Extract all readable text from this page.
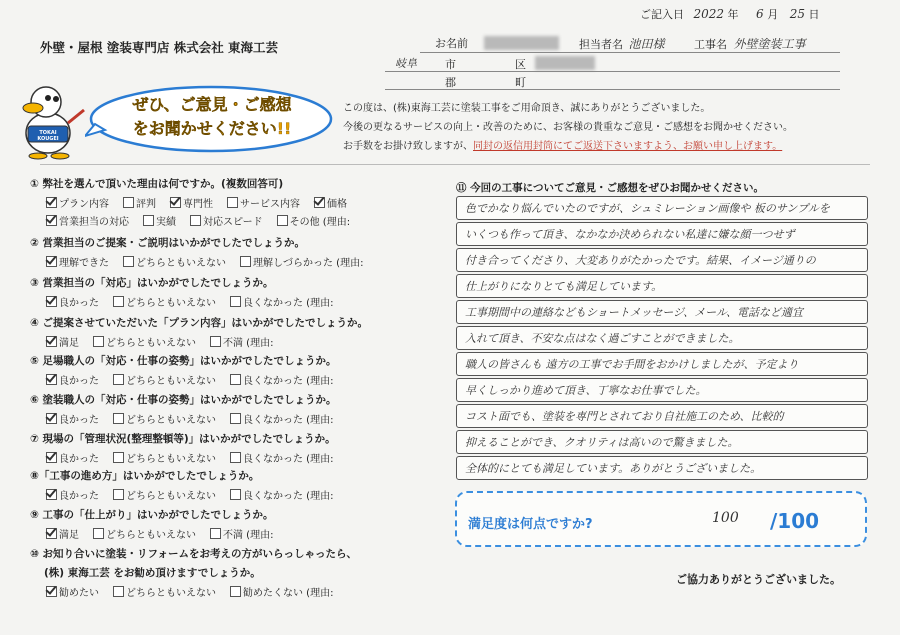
ご記入日 2022 年 6 月 25 日
外壁・屋根 塗装専門店 株式会社 東海工芸	お名前	担当者名 池田様	工事名 外壁塗装工事
岐阜	市	区
郡	町
TOKAI KOUGEI
ぜひ、ご意見・ご感想
をお聞かせください!!
この度は、(株)東海工芸に塗装工事をご用命頂き、誠にありがとうございました。
今後の更なるサービスの向上・改善のために、お客様の貴重なご意見・ご感想をお聞かせください。
お手数をお掛け致しますが、同封の返信用封筒にてご返送下さいますよう、お願い申し上げます。
① 弊社を選んで頂いた理由は何ですか。(複数回答可)
プラン内容	評判	専門性	サービス内容	価格
営業担当の対応	実績	対応スピード	その他 (理由:
② 営業担当のご提案・ご説明はいかがでしたでしょうか。
理解できた	どちらともいえない	理解しづらかった (理由:
③ 営業担当の「対応」はいかがでしたでしょうか。
良かった	どちらともいえない	良くなかった (理由:
④ ご提案させていただいた「プラン内容」はいかがでしたでしょうか。
満足	どちらともいえない	不満 (理由:
⑤ 足場職人の「対応・仕事の姿勢」はいかがでしたでしょうか。
良かった	どちらともいえない	良くなかった (理由:
⑥ 塗装職人の「対応・仕事の姿勢」はいかがでしたでしょうか。
良かった	どちらともいえない	良くなかった (理由:
⑦ 現場の「管理状況(整理整頓等)」はいかがでしたでしょうか。
良かった	どちらともいえない	良くなかった (理由:
⑧「工事の進め方」はいかがでしたでしょうか。
良かった	どちらともいえない	良くなかった (理由:
⑨ 工事の「仕上がり」はいかがでしたでしょうか。
満足	どちらともいえない	不満 (理由:
⑩ お知り合いに塗装・リフォームをお考えの方がいらっしゃったら、
(株) 東海工芸 をお勧め頂けますでしょうか。
勧めたい	どちらともいえない	勧めたくない (理由:
⑪ 今回の工事についてご意見・ご感想をぜひお聞かせください。
色でかなり悩んでいたのですが、シュミレーション画像や 板のサンプルを
いくつも作って頂き、なかなか決められない私達に嫌な顔一つせず
付き合ってくださり、大変ありがたかったです。結果、イメージ通りの
仕上がりになりとても満足しています。
工事期間中の連絡などもショートメッセージ、メール、電話など適宜
入れて頂き、不安な点はなく過ごすことができました。
職人の皆さんも 遠方の工事でお手間をおかけしましたが、予定より
早くしっかり進めて頂き、丁寧なお仕事でした。
コスト面でも、塗装を専門とされており自社施工のため、比較的
抑えることができ、クオリティは高いので驚きました。
全体的にとても満足しています。ありがとうございました。
満足度は何点ですか?	100 /100
ご協力ありがとうございました。
